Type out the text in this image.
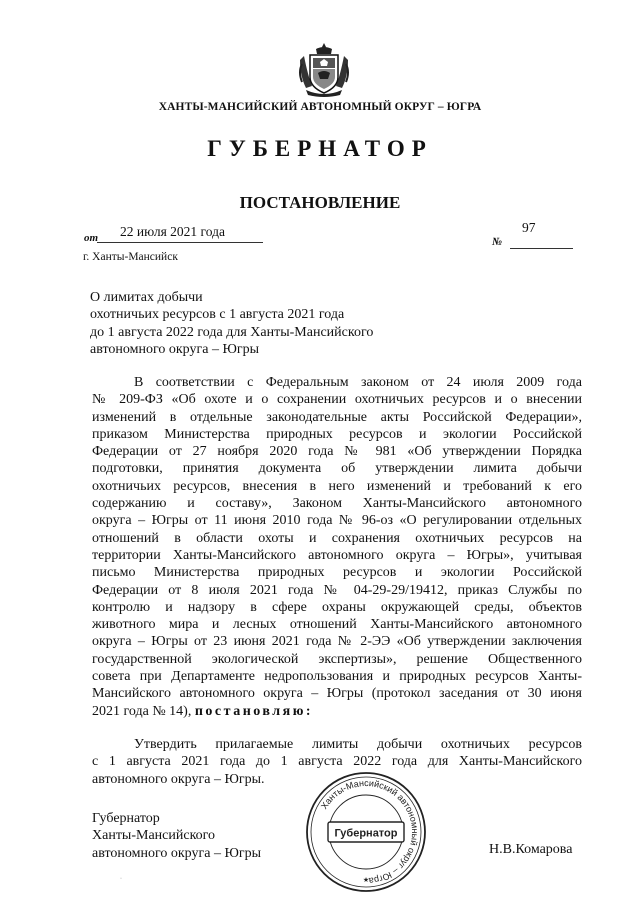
ХАНТЫ-МАНСИЙСКИЙ АВТОНОМНЫЙ ОКРУГ – ЮГРА
ГУБЕРНАТОР
ПОСТАНОВЛЕНИЕ
от 22 июля 2021 года
№
97
г. Ханты-Мансийск
О лимитах добычи
охотничьих ресурсов с 1 августа 2021 года
до 1 августа 2022 года для Ханты-Мансийского
автономного округа – Югры
В соответствии с Федеральным законом от 24 июля 2009 года
№ 209-ФЗ «Об охоте и о сохранении охотничьих ресурсов и о внесении
изменений в отдельные законодательные акты Российской Федерации»,
приказом Министерства природных ресурсов и экологии Российской
Федерации от 27 ноября 2020 года № 981 «Об утверждении Порядка
подготовки, принятия документа об утверждении лимита добычи
охотничьих ресурсов, внесения в него изменений и требований к его
содержанию и составу», Законом Ханты-Мансийского автономного
округа – Югры от 11 июня 2010 года № 96-оз «О регулировании отдельных
отношений в области охоты и сохранения охотничьих ресурсов на
территории Ханты-Мансийского автономного округа – Югры», учитывая
письмо Министерства природных ресурсов и экологии Российской
Федерации от 8 июля 2021 года № 04-29-29/19412, приказ Службы по
контролю и надзору в сфере охраны окружающей среды, объектов
животного мира и лесных отношений Ханты-Мансийского автономного
округа – Югры от 23 июня 2021 года № 2-ЭЭ «Об утверждении заключения
государственной экологической экспертизы», решение Общественного
совета при Департаменте недропользования и природных ресурсов Ханты-
Мансийского автономного округа – Югры (протокол заседания от 30 июня
2021 года № 14), постановляю:
Утвердить прилагаемые лимиты добычи охотничьих ресурсов
с 1 августа 2021 года до 1 августа 2022 года для Ханты-Мансийского
автономного округа – Югры.
Губернатор
Ханты-Мансийского
автономного округа – Югры
Ханты-Мансийский автономный округ – Югра
Губернатор
★
Н.В.Комарова
·
